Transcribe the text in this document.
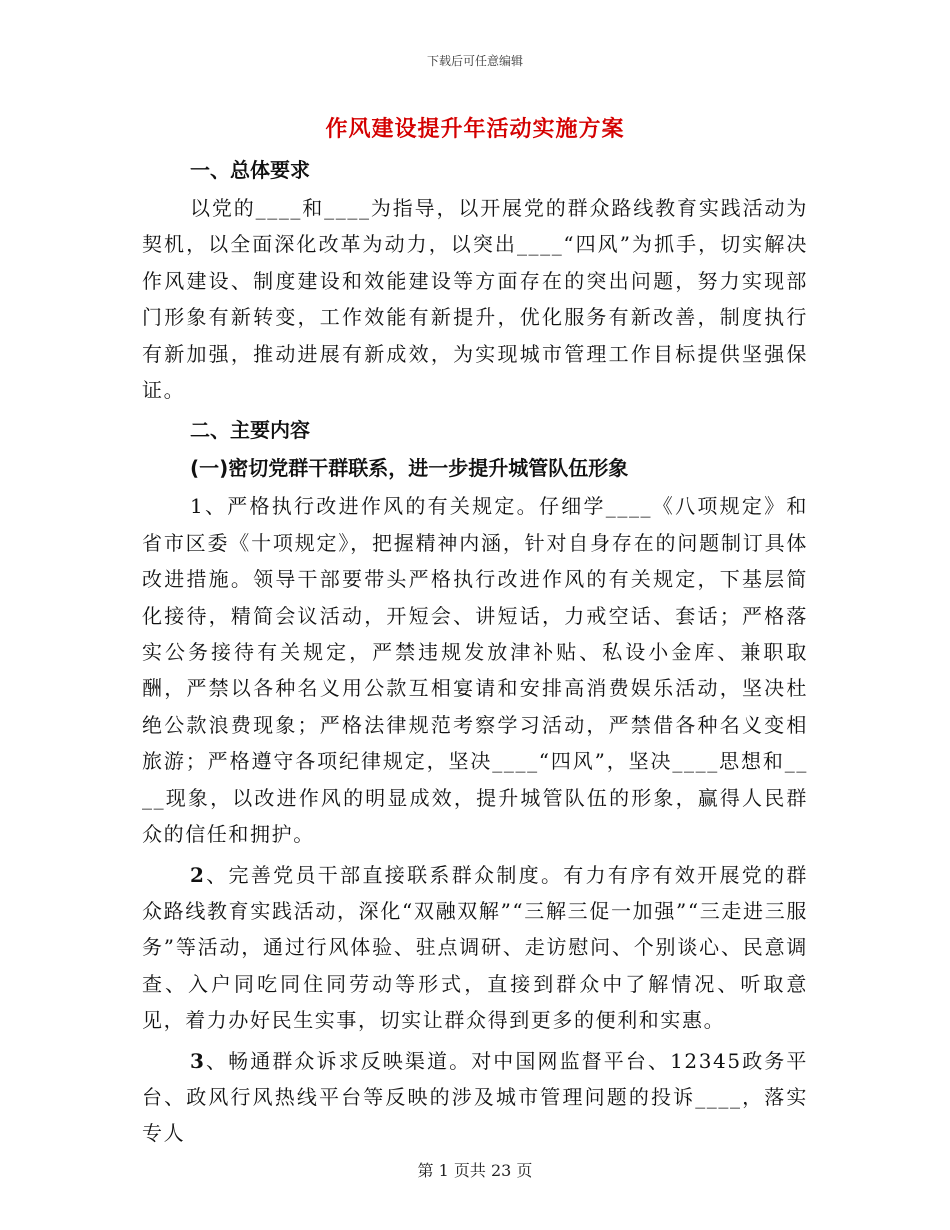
下载后可任意编辑
作风建设提升年活动实施方案
一、总体要求

以党的____和____为指导，以开展党的群众路线教育实践活动为契机，以全面深化改革为动力，以突出____“四风”为抓手，切实解决作风建设、制度建设和效能建设等方面存在的突出问题，努力实现部门形象有新转变，工作效能有新提升，优化服务有新改善，制度执行有新加强，推动进展有新成效，为实现城市管理工作目标提供坚强保证。

二、主要内容
(一)密切党群干群联系，进一步提升城管队伍形象

1、严格执行改进作风的有关规定。仔细学____《八项规定》和省市区委《十项规定》，把握精神内涵，针对自身存在的问题制订具体改进措施。领导干部要带头严格执行改进作风的有关规定，下基层简化接待，精简会议活动，开短会、讲短话，力戒空话、套话；严格落实公务接待有关规定，严禁违规发放津补贴、私设小金库、兼职取酬，严禁以各种名义用公款互相宴请和安排高消费娱乐活动，坚决杜绝公款浪费现象；严格法律规范考察学习活动，严禁借各种名义变相旅游；严格遵守各项纪律规定，坚决____“四风”，坚决____思想和____现象，以改进作风的明显成效，提升城管队伍的形象，赢得人民群众的信任和拥护。

2、完善党员干部直接联系群众制度。有力有序有效开展党的群众路线教育实践活动，深化“双融双解”“三解三促一加强”“三走进三服务”等活动，通过行风体验、驻点调研、走访慰问、个别谈心、民意调查、入户同吃同住同劳动等形式，直接到群众中了解情况、听取意见，着力办好民生实事，切实让群众得到更多的便利和实惠。

3、畅通群众诉求反映渠道。对中国网监督平台、12345政务平台、政风行风热线平台等反映的涉及城市管理问题的投诉____，落实专人

第 1 页共 23 页
